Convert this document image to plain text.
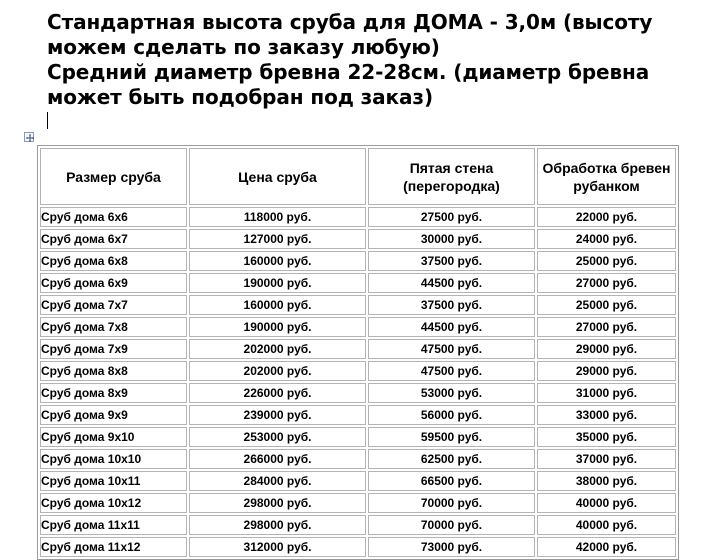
Стандартная высота сруба для ДОМА - 3,0м (высоту можем сделать по заказу любую)

Средний диаметр бревна 22-28см. (диаметр бревна может быть подобран под заказ)

Размер сруба	Цена сруба	Пятая стена (перегородка)	Обработка бревен рубанком
Сруб дома 6х6	118000 руб.	27500 руб.	22000 руб.
Сруб дома 6х7	127000 руб.	30000 руб.	24000 руб.
Сруб дома 6х8	160000 руб.	37500 руб.	25000 руб.
Сруб дома 6х9	190000 руб.	44500 руб.	27000 руб.
Сруб дома 7х7	160000 руб.	37500 руб.	25000 руб.
Сруб дома 7х8	190000 руб.	44500 руб.	27000 руб.
Сруб дома 7х9	202000 руб.	47500 руб.	29000 руб.
Сруб дома 8х8	202000 руб.	47500 руб.	29000 руб.
Сруб дома 8х9	226000 руб.	53000 руб.	31000 руб.
Сруб дома 9х9	239000 руб.	56000 руб.	33000 руб.
Сруб дома 9х10	253000 руб.	59500 руб.	35000 руб.
Сруб дома 10х10	266000 руб.	62500 руб.	37000 руб.
Сруб дома 10х11	284000 руб.	66500 руб.	38000 руб.
Сруб дома 10х12	298000 руб.	70000 руб.	40000 руб.
Сруб дома 11х11	298000 руб.	70000 руб.	40000 руб.
Сруб дома 11х12	312000 руб.	73000 руб.	42000 руб.
